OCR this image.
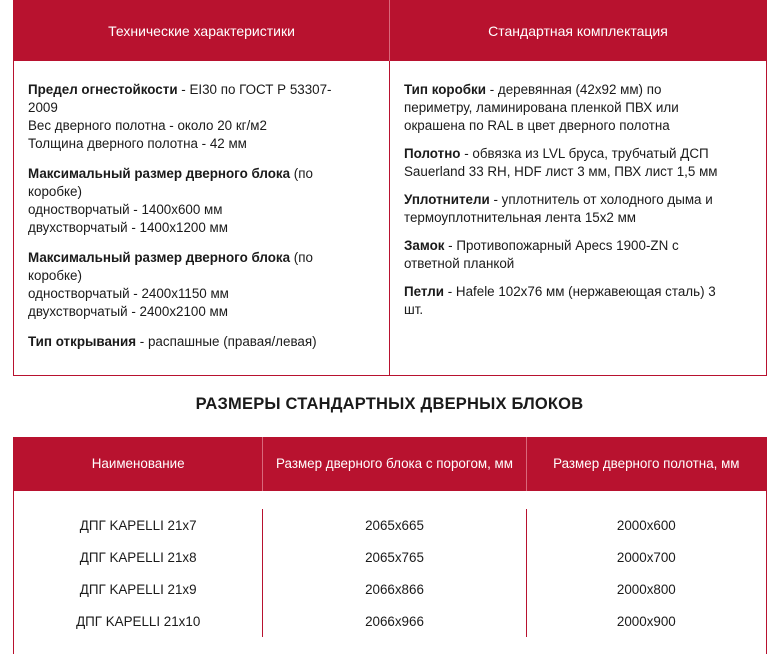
Технические характеристики	Стандартная комплектация
Предел огнестойкости - EI30 по ГОСТ Р 53307-
2009
Вес дверного полотна - около 20 кг/м2
Толщина дверного полотна - 42 мм
Максимальный размер дверного блока (по
коробке)
одностворчатый - 1400х600 мм
двухстворчатый - 1400х1200 мм
Максимальный размер дверного блока (по
коробке)
одностворчатый - 2400х1150 мм
двухстворчатый - 2400х2100 мм
Тип открывания - распашные (правая/левая)
Тип коробки - деревянная (42х92 мм) по
периметру, ламинирована пленкой ПВХ или
окрашена по RAL в цвет дверного полотна
Полотно - обвязка из LVL бруса, трубчатый ДСП
Sauerland 33 RH, HDF лист 3 мм, ПВХ лист 1,5 мм
Уплотнители - уплотнитель от холодного дыма и
термоуплотнительная лента 15х2 мм
Замок - Противопожарный Apecs 1900-ZN с
ответной планкой
Петли - Hafele 102х76 мм (нержавеющая сталь) 3
шт.
РАЗМЕРЫ СТАНДАРТНЫХ ДВЕРНЫХ БЛОКОВ
Наименование	Размер дверного блока с порогом, мм	Размер дверного полотна, мм
ДПГ KAPELLI 21х7	2065х665	2000х600
ДПГ KAPELLI 21х8	2065х765	2000х700
ДПГ KAPELLI 21х9	2066х866	2000х800
ДПГ KAPELLI 21х10	2066х966	2000х900
